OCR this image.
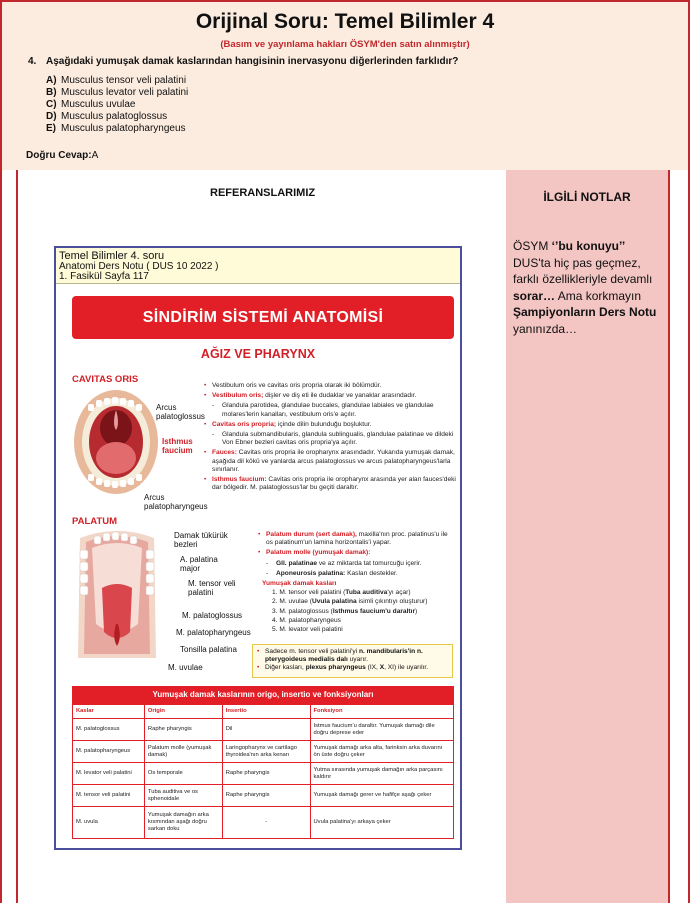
Orijinal Soru: Temel Bilimler 4
(Basım ve yayınlama hakları ÖSYM'den satın alınmıştır)
4. Aşağıdaki yumuşak damak kaslarından hangisinin inervasyonu diğerlerinden farklıdır?
A) Musculus tensor veli palatini
B) Musculus levator veli palatini
C) Musculus uvulae
D) Musculus palatoglossus
E) Musculus palatopharyngeus
Doğru Cevap:A
REFERANSLARIMIZ	İLGİLİ NOTLAR
ÖSYM ‘’bu konuyu’’ DUS'ta hiç pas geçmez, farklı özellikleriyle devamlı sorar… Ama korkmayın Şampiyonların Ders Notu yanınızda…
Temel Bilimler 4. soru
Anatomi Ders Notu ( DUS 10 2022 )
1. Fasikül Sayfa 117
SİNDİRİM SİSTEMİ ANATOMİSİ
AĞIZ VE PHARYNX
CAVITAS ORIS
Arcus palatoglossus
Isthmus faucium
Arcus palatopharyngeus
• Vestibulum oris ve cavitas oris propria olarak iki bölümdür.
• Vestibulum oris; dişler ve diş eti ile dudaklar ve yanaklar arasındadır.
- Glandula parotidea, glandulae buccales, glandulae labiales ve glandulae molares'lerin kanalları, vestibulum oris'e açılır.
• Cavitas oris propria; içinde dilin bulunduğu boşluktur.
- Glandula submandibularis, glandula sublingualis, glandulae palatinae ve dildeki Von Ebner bezleri cavitas oris propria'ya açılır.
• Fauces: Cavitas oris propria ile oropharynx arasındadır. Yukarıda yumuşak damak, aşağıda dil kökü ve yanlarda arcus palatoglossus ve arcus palatopharyngeus'larla sınırlanır.
• Isthmus faucium: Cavitas oris propria ile oropharynx arasında yer alan fauces'deki dar bölgedir. M. palatoglossus'lar bu geçiti daraltır.
PALATUM
Damak tükürük bezleri
A. palatina major
M. tensor veli palatini
M. palatoglossus
M. palatopharyngeus
Tonsilla palatina
M. uvulae
• Palatum durum (sert damak), maxilla'nın proc. palatinus'u ile os palatinum'un lamina horizontalis'i yapar.
• Palatum molle (yumuşak damak):
- Gll. palatinae ve az miktarda tat tomurcuğu içerir.
- Aponeurosis palatina: Kasları destekler.
Yumuşak damak kasları
1. M. tensor veli palatini (Tuba auditiva'yı açar)
2. M. uvulae (Uvula palatina isimli çıkıntıyı oluşturur)
3. M. palatoglossus (Isthmus faucium'u daraltır)
4. M. palatopharyngeus
5. M. levator veli palatini
• Sadece m. tensor veli palatini'yi n. mandibularis'in n. pterygoideus medialis dalı uyarır.
• Diğer kasları, plexus pharyngeus (IX, X, XI) ile uyarılır.
Yumuşak damak kaslarının origo, insertio ve fonksiyonları
Kaslar	Origin	Insertio	Fonksiyon
M. palatoglossus	Raphe pharyngis	Dil	Istmus faucium'u daraltır. Yumuşak damağı dile doğru deprese eder
M. palatopharyngeus	Palatum molle (yumuşak damak)	Laringopharynx ve cartilago thyroidea'nın arka kenarı	Yumuşak damağı arka alta, farinksin arka duvarını ön üste doğru çeker
M. levator veli palatini	Os temporale	Raphe pharyngis	Yutma sırasında yumuşak damağın arka parçasını kaldırır
M. tensor veli palatini	Tuba auditiva ve os sphenoidale	Raphe pharyngis	Yumuşak damağı gerer ve hafifçe aşağı çeker
M. uvula	Yumuşak damağın arka kısmından aşağı doğru sarkan doku	-	Uvula palatina'yı arkaya çeker
